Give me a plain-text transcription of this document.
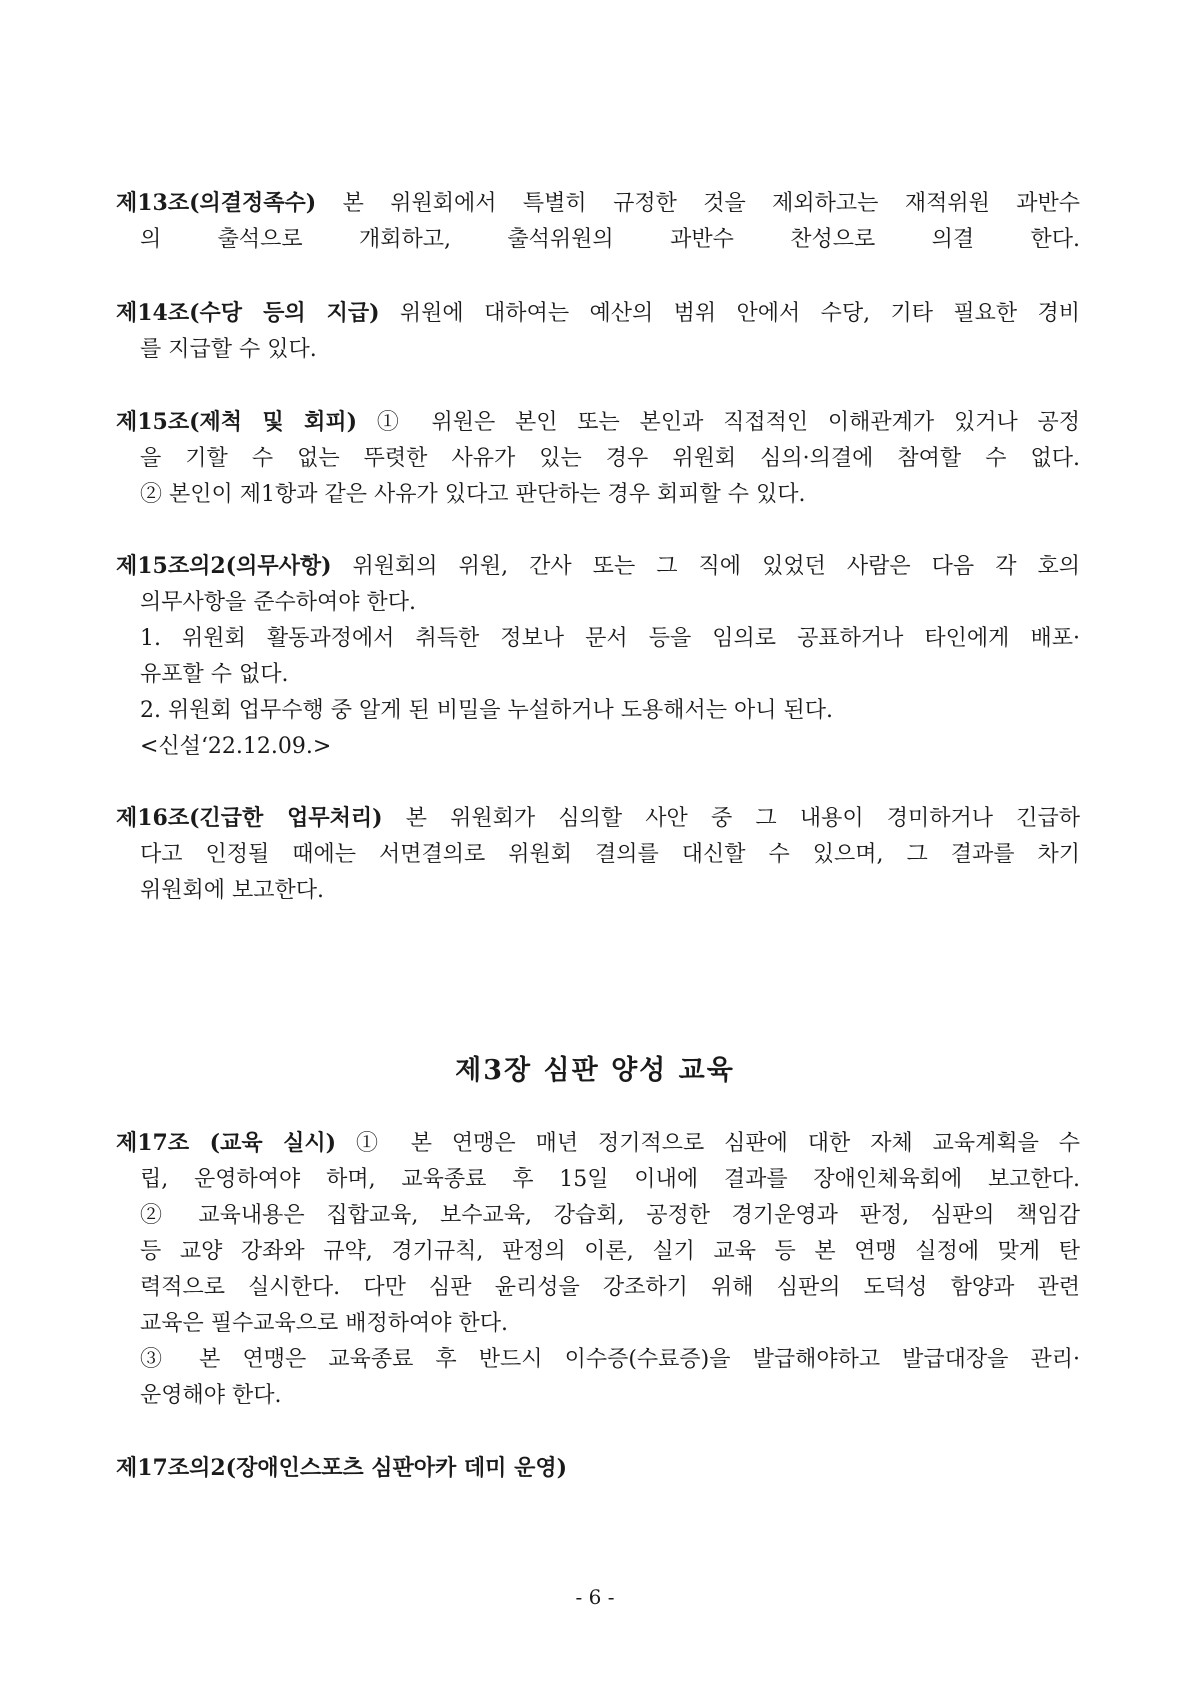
제13조(의결정족수) 본 위원회에서 특별히 규정한 것을 제외하고는 재적위원 과반수
의 출석으로 개회하고, 출석위원의 과반수 찬성으로 의결 한다.
제14조(수당 등의 지급) 위원에 대하여는 예산의 범위 안에서 수당, 기타 필요한 경비
를 지급할 수 있다.
제15조(제척 및 회피) ① 위원은 본인 또는 본인과 직접적인 이해관계가 있거나 공정
을 기할 수 없는 뚜렷한 사유가 있는 경우 위원회 심의·의결에 참여할 수 없다.
② 본인이 제1항과 같은 사유가 있다고 판단하는 경우 회피할 수 있다.
제15조의2(의무사항) 위원회의 위원, 간사 또는 그 직에 있었던 사람은 다음 각 호의
의무사항을 준수하여야 한다.
1. 위원회 활동과정에서 취득한 정보나 문서 등을 임의로 공표하거나 타인에게 배포·
유포할 수 없다.
2. 위원회 업무수행 중 알게 된 비밀을 누설하거나 도용해서는 아니 된다.
<신설‘22.12.09.>
제16조(긴급한 업무처리) 본 위원회가 심의할 사안 중 그 내용이 경미하거나 긴급하
다고 인정될 때에는 서면결의로 위원회 결의를 대신할 수 있으며, 그 결과를 차기
위원회에 보고한다.
제3장 심판 양성 교육
제17조 (교육 실시) ① 본 연맹은 매년 정기적으로 심판에 대한 자체 교육계획을 수
립, 운영하여야 하며, 교육종료 후 15일 이내에 결과를 장애인체육회에 보고한다.
② 교육내용은 집합교육, 보수교육, 강습회, 공정한 경기운영과 판정, 심판의 책임감
등 교양 강좌와 규약, 경기규칙, 판정의 이론, 실기 교육 등 본 연맹 실정에 맞게 탄
력적으로 실시한다. 다만 심판 윤리성을 강조하기 위해 심판의 도덕성 함양과 관련
교육은 필수교육으로 배정하여야 한다.
③ 본 연맹은 교육종료 후 반드시 이수증(수료증)을 발급해야하고 발급대장을 관리·
운영해야 한다.
제17조의2(장애인스포츠 심판아카 데미 운영)
- 6 -
